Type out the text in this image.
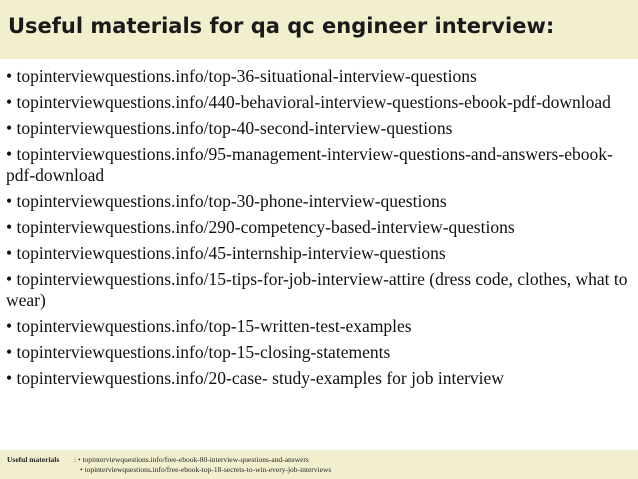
Useful materials for qa qc engineer interview:
• topinterviewquestions.info/top-36-situational-interview-questions
• topinterviewquestions.info/440-behavioral-interview-questions-ebook-pdf-download
• topinterviewquestions.info/top-40-second-interview-questions
• topinterviewquestions.info/95-management-interview-questions-and-answers-ebook-pdf-download
• topinterviewquestions.info/top-30-phone-interview-questions
• topinterviewquestions.info/290-competency-based-interview-questions
• topinterviewquestions.info/45-internship-interview-questions
• topinterviewquestions.info/15-tips-for-job-interview-attire (dress code, clothes, what to wear)
• topinterviewquestions.info/top-15-written-test-examples
• topinterviewquestions.info/top-15-closing-statements
• topinterviewquestions.info/20-case- study-examples for job interview
Useful materials : • topinterviewquestions.info/free-ebook-80-interview-questions-and-answers
• topinterviewquestions.info/free-ebook-top-18-secrets-to-win-every-job-interviews
